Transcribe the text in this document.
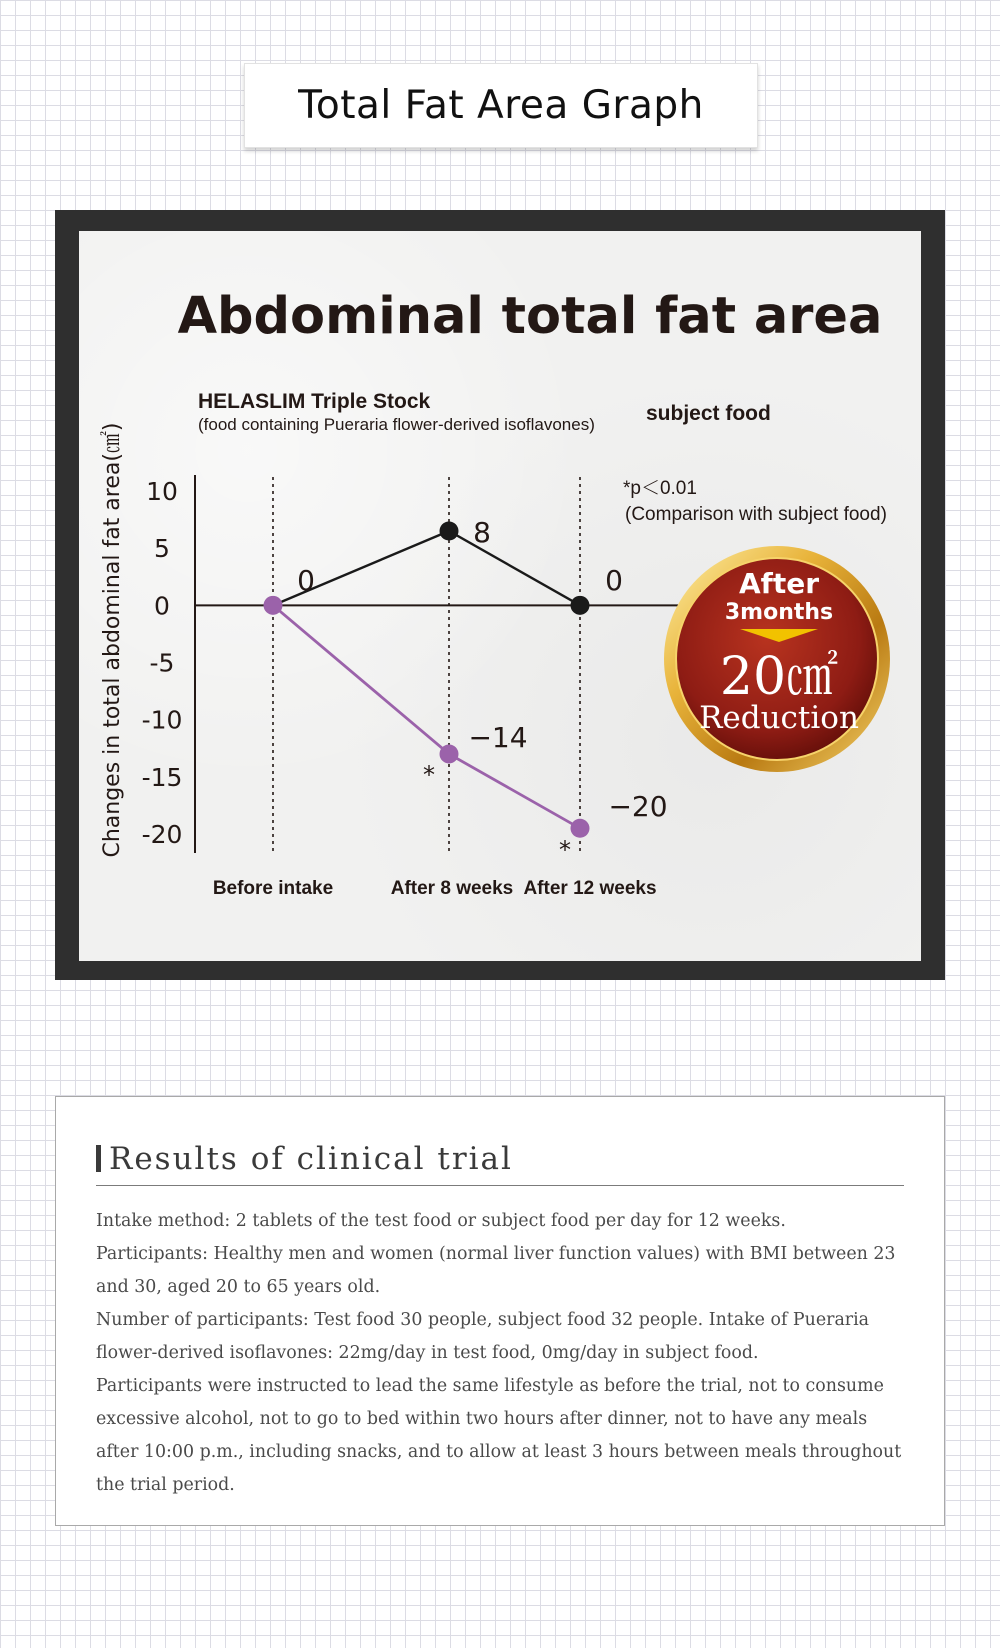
Total Fat Area Graph
Abdominal total fat area
HELASLIM Triple Stock
(food containing Pueraria flower-derived isoflavones) subject food
*p＜0.01
(Comparison with subject food)
Changes in total abdominal fat area(㎠) 10
5
0
-5
-10
-15
-20
Before intake	After 8 weeks After 12 weeks
0
8
0
−14
−20
*
*
After
3months
20㎠
Reduction
Results of clinical trial

Intake method: 2 tablets of the test food or subject food per day for 12 weeks.

Participants: Healthy men and women (normal liver function values) with BMI between 23 and 30, aged 20 to 65 years old.

Number of participants: Test food 30 people, subject food 32 people. Intake of Pueraria flower-derived isoflavones: 22mg/day in test food, 0mg/day in subject food.

Participants were instructed to lead the same lifestyle as before the trial, not to consume excessive alcohol, not to go to bed within two hours after dinner, not to have any meals after 10:00 p.m., including snacks, and to allow at least 3 hours between meals throughout the trial period.
